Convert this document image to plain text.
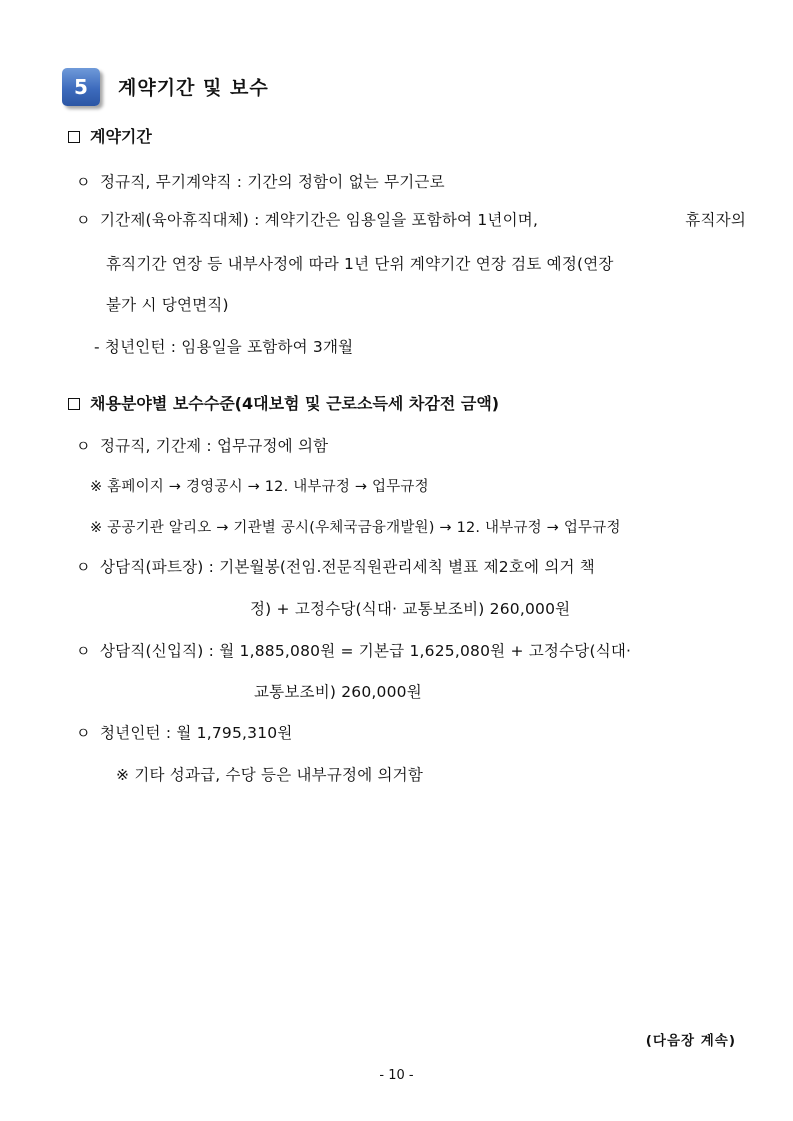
5	계약기간 및 보수
계약기간
ㅇ 정규직, 무기계약직 : 기간의 정함이 없는 무기근로
ㅇ 기간제(육아휴직대체) : 계약기간은 임용일을 포함하여 1년이며,	휴직자의
휴직기간 연장 등 내부사정에 따라 1년 단위 계약기간 연장 검토 예정(연장
불가 시 당연면직)
- 청년인턴 : 임용일을 포함하여 3개월
채용분야별 보수수준(4대보험 및 근로소득세 차감전 금액)
ㅇ 정규직, 기간제 : 업무규정에 의함
※ 홈페이지 → 경영공시 → 12. 내부규정 → 업무규정
※ 공공기관 알리오 → 기관별 공시(우체국금융개발원) → 12. 내부규정 → 업무규정
ㅇ 상담직(파트장) : 기본월봉(전임.전문직원관리세칙 별표 제2호에 의거 책
정) + 고정수당(식대· 교통보조비) 260,000원
ㅇ 상담직(신입직) : 월 1,885,080원 = 기본급 1,625,080원 + 고정수당(식대·
교통보조비) 260,000원
ㅇ 청년인턴 : 월 1,795,310원
※ 기타 성과급, 수당 등은 내부규정에 의거함
(다음장 계속)
- 10 -
